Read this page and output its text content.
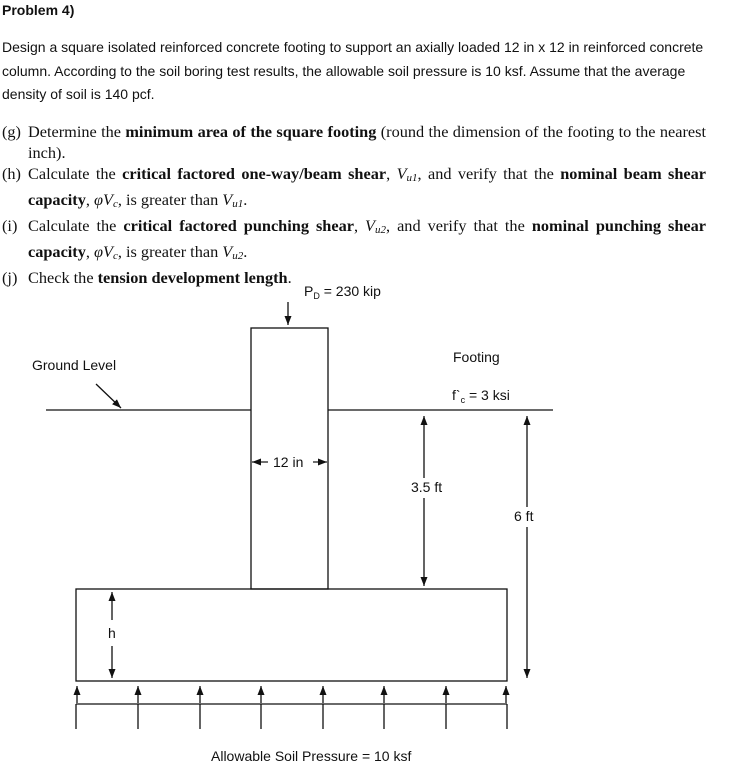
Problem 4)

Design a square isolated reinforced concrete footing to support an axially loaded 12 in x 12 in reinforced concrete column. According to the soil boring test results, the allowable soil pressure is 10 ksf. Assume that the average density of soil is 140 pcf.

(g) Determine the minimum area of the square footing (round the dimension of the footing to the nearest inch).
(h) Calculate the critical factored one-way/beam shear, Vu1, and verify that the nominal beam shear capacity, φVc, is greater than Vu1.
(i) Calculate the critical factored punching shear, Vu2, and verify that the nominal punching shear capacity, φVc, is greater than Vu2.
(j) Check the tension development length.
$P_D = 230$ kip
Ground Level	Footing
$f`_c = 3$ ksi
12 in
3.5 ft
6 ft
h
Allowable Soil Pressure = 10 ksf
